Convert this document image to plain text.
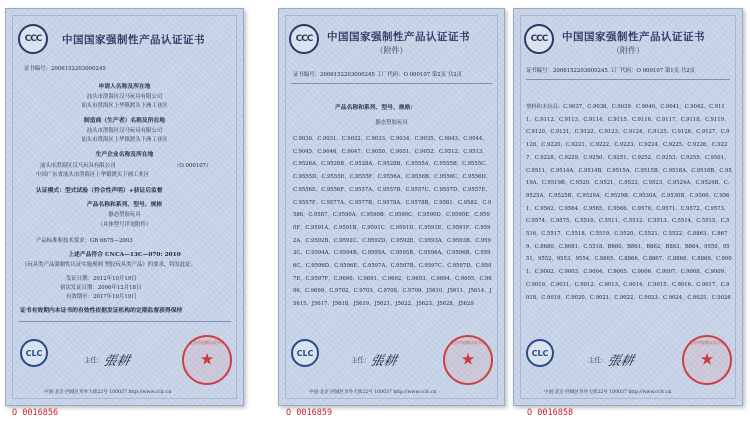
CCC	中国国家强制性产品认证证书
证书编号：2006152203000245
申请人名称及所在地
汕头市澄海区汉马玩具有限公司
汕头市澄海区上华镇渡头下洲工业区
制造商（生产者）名称及所在地
汕头市澄海区汉马玩具有限公司
汕头市澄海区上华镇渡头下洲工业区
生产企业名称及所在地
汕头市澄海区汉马玩具有限公司	（O 000107）
中国广东省汕头市澄海区上华镇渡头下洲工业区
认证模式：型式试验（符合性声明）+获证后监督
产品名称和系列、型号、规格
静态塑胶玩具
（具体型号详见附件）
产品标准和技术要求：GB 6675—2003
上述产品符合 CNCA—13C—070: 2010
《玩具类产品强制性认证实施规则 塑胶玩具类产品》的要求，特发此证。
发证日期：2012年10月19日
初次发证日期：2006年12月18日
有效期至：2017年10月19日
证书有效期内本证书的有效性依据发证机构的定期监督获得保持
CLC
主任：
張耕
北京中轻联认证中心
★
中国·北京·西城区阜外大街22号 100037 http://www.cclc.cn
O 0016856
CCC	中国国家强制性产品认证证书
（附件）
证书编号：2006152203000245 工厂代码：O 000107 第2页 共2页
产品名称和系列、型号、规格：
静态塑胶玩具
C.9030、C.9031、C.9032、C.9033、C.9034、C.9035、C.9043、C.9044、C.9045、C.9046、C.9047、C.9050、C.9051、C.9052、C.9512、C.9513、C.9526A、C.9526B、C.9528A、C.9528B、C.9555A、C.9555B、C.9555C、C.9555D、C.9555E、C.9555F、C.9556A、C.9556B、C.9556C、C.9556D、C.9556E、C.9556F、C.9557A、C.9557B、C.9557C、C.9557D、C.9557E、C.9557F、C.9577A、C.9577B、C.9578A、C.9578B、C.9581、C.9582、C.9586、C.9587、C.9590A、C.9590B、C.9590C、C.9590D、C.9590E、C.9590F、C.9591A、C.9591B、C.9591C、C.9591D、C.9591E、C.9591F、C.9592A、C.9592B、C.9592C、C.9592D、C.9592E、C.9593A、C.9593B、C.9593C、C.9594A、C.9594B、C.9595A、C.9595B、C.9596A、C.9596B、C.9596C、C.9596D、C.9596E、C.9597A、C.9597B、C.9597C、C.9597D、C.9597E、C.9597F、C.9690、C.9691、C.9692、C.9693、C.9694、C.9695、C.9696、C.9699、C.9702、C.9703、C.9708、C.9709、J5610、J5611、J5614、J5615、J5617、J5618、J5619、J5621、J5622、J5623、J5628、J5629
CLC
主任：
張耕
北京中轻联认证中心
★
中国·北京·西城区阜外大街22号 100037 http://www.cclc.cn
O 0016859
CCC	中国国家强制性产品认证证书
（附件）
证书编号：2006152203000245 工厂代码：O 000107 第1页 共2页
塑料积木玩具：C.9037、C.9038、C.9039、C.9040、C.9041、C.9042、C.9111、C.9112、C.9113、C.9114、C.9115、C.9116、C.9117、C.9118、C.9119、C.9120、C.9121、C.9122、C.9123、C.9124、C.9125、C.9126、C.9127、C.9128、C.9220、C.9221、C.9222、C.9223、C.9224、C.9225、C.9226、C.9227、C.9228、C.9229、C.9250、C.9251、C.9252、C.9253、C.9255、C.9501、C.9511、C.9514A、C.9514B、C.9515A、C.9515B、C.9518A、C.9518B、C.9519A、C.9519B、C.9520、C.9521、C.9522、C.9523、C.9524A、C.9524B、C.9525A、C.9525B、C.9529A、C.9529B、C.9530A、C.9530B、C.9560、C.9561、C.9562、C.9564、C.9565、C.9566、C.9570、C.9571、C.9572、C.9573、C.9574、C.9575、C.5510、C.5511、C.5512、C.5513、C.5514、C.5515、C.5516、C.5517、C.5518、C.5519、C.5520、C.5521、C.5522、C.8863、C.8679、C.8680、C.8681、C.5518、B860、B861、B862、B863、B864、9550、9551、9552、9553、9554、C.8865、C.8866、C.8867、C.8868、C.8869、C.9001、C.9002、C.9003、C.9004、C.9005、C.9006、C.9007、C.9008、C.9009、C.9010、C.9011、C.9012、C.9013、C.9014、C.9015、C.9016、C.9017、C.9018、C.9019、C.9020、C.9021、C.9022、C.9023、C.9024、C.9025、C.9026
CLC
主任：
張耕
北京中轻联认证中心
★
中国·北京·西城区阜外大街22号 100037 http://www.cclc.cn
O 0016858
